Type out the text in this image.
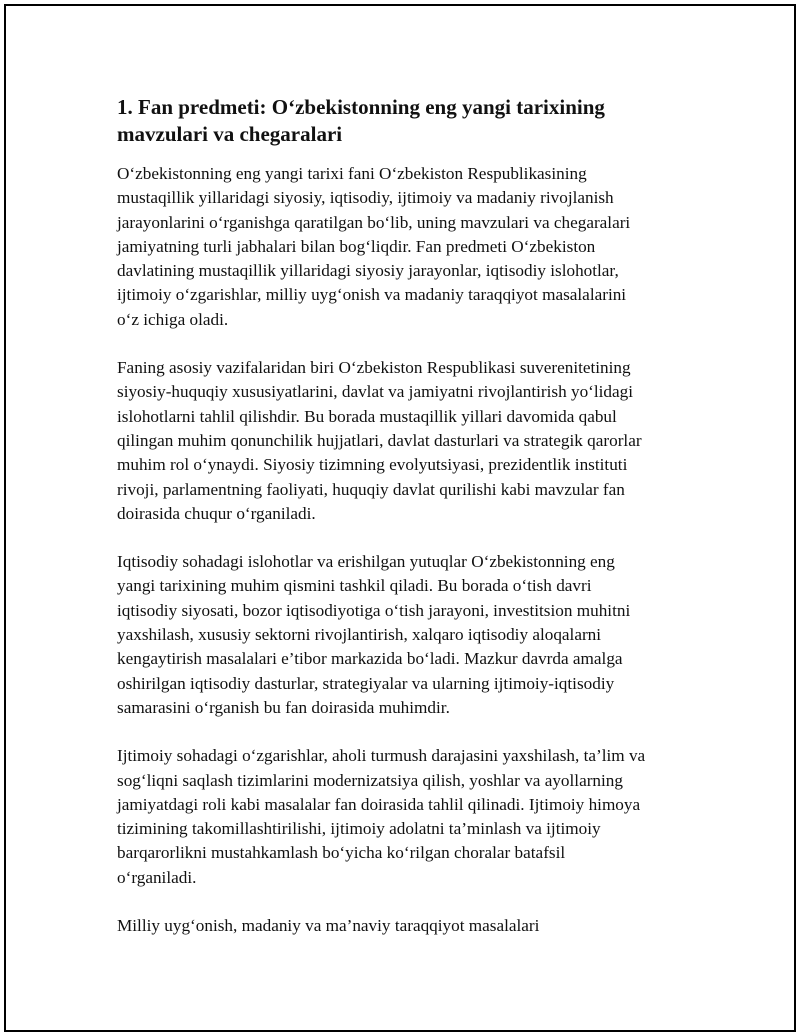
1. Fan predmeti: O‘zbekistonning eng yangi tarixining
mavzulari va chegaralari

O‘zbekistonning eng yangi tarixi fani O‘zbekiston Respublikasining
mustaqillik yillaridagi siyosiy, iqtisodiy, ijtimoiy va madaniy rivojlanish
jarayonlarini o‘rganishga qaratilgan bo‘lib, uning mavzulari va chegaralari
jamiyatning turli jabhalari bilan bog‘liqdir. Fan predmeti O‘zbekiston
davlatining mustaqillik yillaridagi siyosiy jarayonlar, iqtisodiy islohotlar,
ijtimoiy o‘zgarishlar, milliy uyg‘onish va madaniy taraqqiyot masalalarini
o‘z ichiga oladi.

Faning asosiy vazifalaridan biri O‘zbekiston Respublikasi suverenitetining
siyosiy-huquqiy xususiyatlarini, davlat va jamiyatni rivojlantirish yo‘lidagi
islohotlarni tahlil qilishdir. Bu borada mustaqillik yillari davomida qabul
qilingan muhim qonunchilik hujjatlari, davlat dasturlari va strategik qarorlar
muhim rol o‘ynaydi. Siyosiy tizimning evolyutsiyasi, prezidentlik instituti
rivoji, parlamentning faoliyati, huquqiy davlat qurilishi kabi mavzular fan
doirasida chuqur o‘rganiladi.

Iqtisodiy sohadagi islohotlar va erishilgan yutuqlar O‘zbekistonning eng
yangi tarixining muhim qismini tashkil qiladi. Bu borada o‘tish davri
iqtisodiy siyosati, bozor iqtisodiyotiga o‘tish jarayoni, investitsion muhitni
yaxshilash, xususiy sektorni rivojlantirish, xalqaro iqtisodiy aloqalarni
kengaytirish masalalari e’tibor markazida bo‘ladi. Mazkur davrda amalga
oshirilgan iqtisodiy dasturlar, strategiyalar va ularning ijtimoiy-iqtisodiy
samarasini o‘rganish bu fan doirasida muhimdir.

Ijtimoiy sohadagi o‘zgarishlar, aholi turmush darajasini yaxshilash, ta’lim va
sog‘liqni saqlash tizimlarini modernizatsiya qilish, yoshlar va ayollarning
jamiyatdagi roli kabi masalalar fan doirasida tahlil qilinadi. Ijtimoiy himoya
tizimining takomillashtirilishi, ijtimoiy adolatni ta’minlash va ijtimoiy
barqarorlikni mustahkamlash bo‘yicha ko‘rilgan choralar batafsil
o‘rganiladi.

Milliy uyg‘onish, madaniy va ma’naviy taraqqiyot masalalari
